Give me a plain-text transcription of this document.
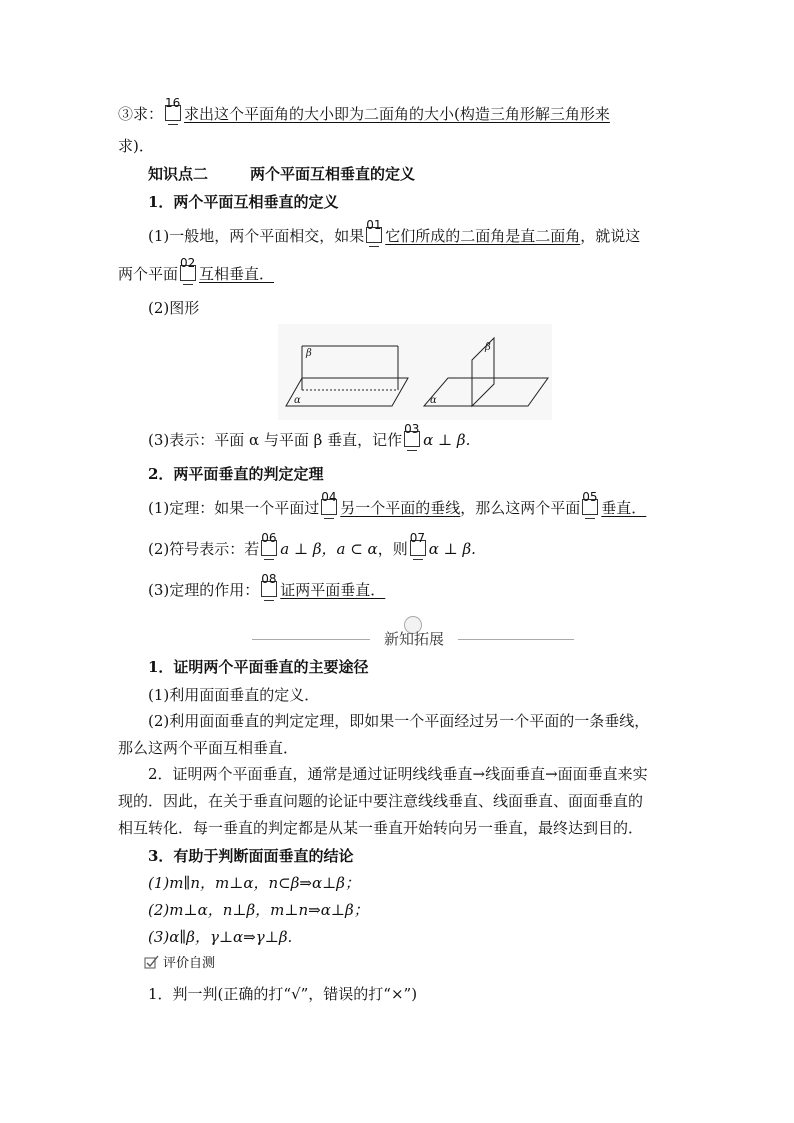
③求：
16
求出这个平面角的大小即为二面角的大小(构造三角形解三角形来
求)．
知识点二	两个平面互相垂直的定义
1．两个平面互相垂直的定义
(1)一般地，两个平面相交，如果
01
它们所成的二面角是直二面角，就说这
两个平面
02
互相垂直．
(2)图形
β
α
β
α
(3)表示：平面 α 与平面 β 垂直，记作
03
α ⊥ β.
2．两平面垂直的判定定理
(1)定理：如果一个平面过
04
另一个平面的垂线，那么这两个平面
05
垂直．
(2)符号表示：若
06
a ⊥ β，a ⊂ α，则
07
α ⊥ β.
(3)定理的作用：
08
证两平面垂直．
新知拓展
1．证明两个平面垂直的主要途径
(1)利用面面垂直的定义．
(2)利用面面垂直的判定定理，即如果一个平面经过另一个平面的一条垂线，
那么这两个平面互相垂直．
2．证明两个平面垂直，通常是通过证明线线垂直→线面垂直→面面垂直来实
现的．因此，在关于垂直问题的论证中要注意线线垂直、线面垂直、面面垂直的
相互转化．每一垂直的判定都是从某一垂直开始转向另一垂直，最终达到目的．
3．有助于判断面面垂直的结论
(1)m∥n，m⊥α，n⊂β⇒α⊥β；
(2)m⊥α，n⊥β，m⊥n⇒α⊥β；
(3)α∥β，γ⊥α⇒γ⊥β.
评价自测
1．判一判(正确的打“√”，错误的打“×”)
